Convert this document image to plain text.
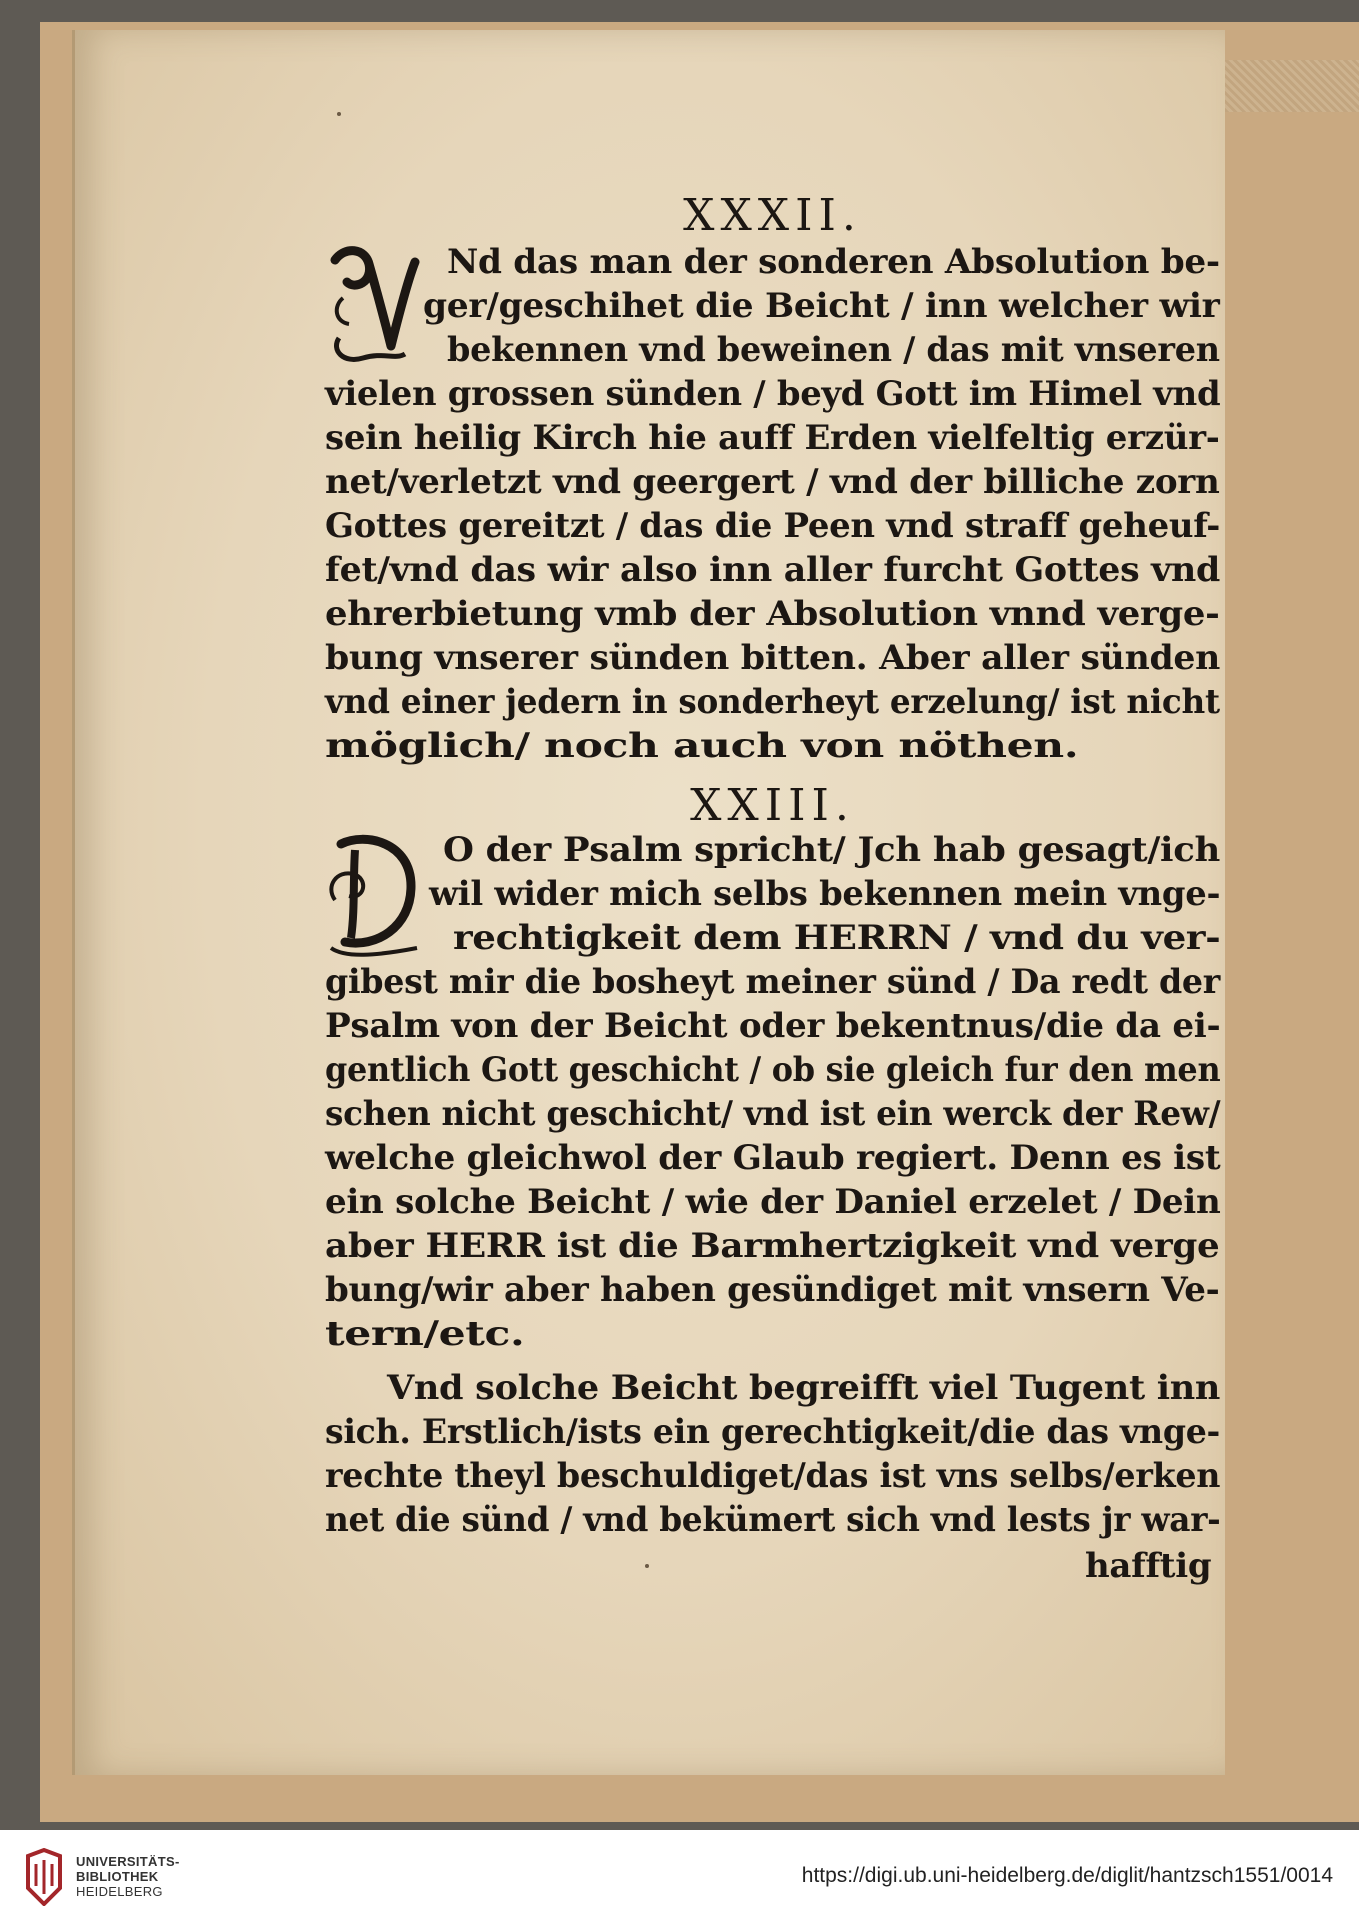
XXXII.
Nd das man der sonderen Absolution be-
ger/geschihet die Beicht / inn welcher wir
bekennen vnd beweinen / das mit vnseren
vielen grossen sünden / beyd Gott im Himel vnd
sein heilig Kirch hie auff Erden vielfeltig erzür-
net/verletzt vnd geergert / vnd der billiche zorn
Gottes gereitzt / das die Peen vnd straff geheuf-
fet/vnd das wir also inn aller furcht Gottes vnd
ehrerbietung vmb der Absolution vnnd verge-
bung vnserer sünden bitten. Aber aller sünden
vnd einer jedern in sonderheyt erzelung/ ist nicht
möglich/ noch auch von nöthen.
XXIII.
O der Psalm spricht/ Jch hab gesagt/ich
wil wider mich selbs bekennen mein vnge-
rechtigkeit dem HERRN / vnd du ver-
gibest mir die bosheyt meiner sünd / Da redt der
Psalm von der Beicht oder bekentnus/die da ei-
gentlich Gott geschicht / ob sie gleich fur den men
schen nicht geschicht/ vnd ist ein werck der Rew/
welche gleichwol der Glaub regiert. Denn es ist
ein solche Beicht / wie der Daniel erzelet / Dein
aber HERR ist die Barmhertzigkeit vnd verge
bung/wir aber haben gesündiget mit vnsern Ve-
tern/etc.
Vnd solche Beicht begreifft viel Tugent inn
sich. Erstlich/ists ein gerechtigkeit/die das vnge-
rechte theyl beschuldiget/das ist vns selbs/erken
net die sünd / vnd bekümert sich vnd lests jr war-
hafftig
UNIVERSITÄTS-
BIBLIOTHEK
HEIDELBERG
https://digi.ub.uni-heidelberg.de/diglit/hantzsch1551/0014
